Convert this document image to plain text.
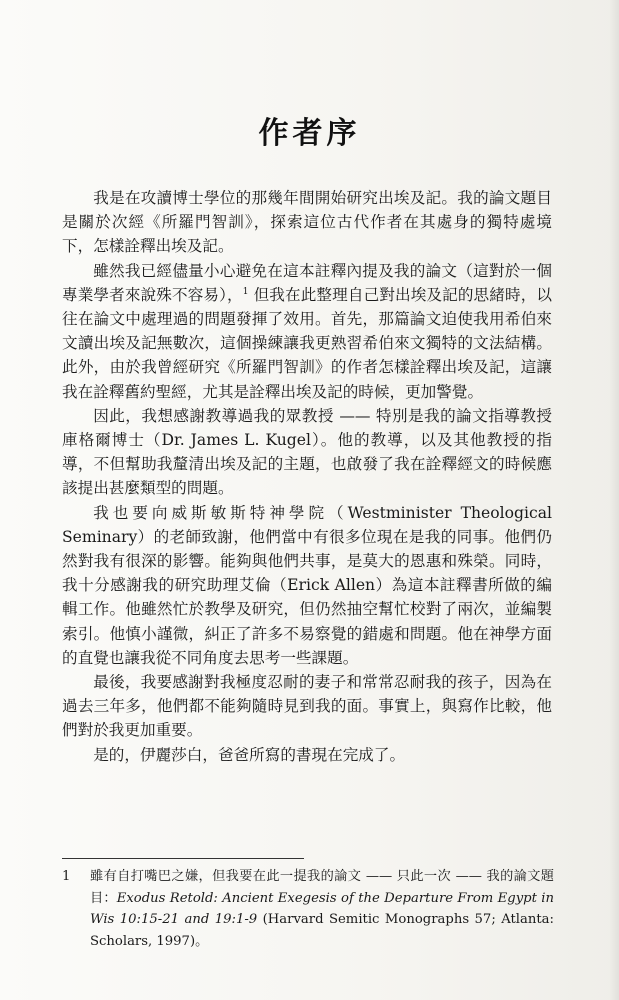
作者序

我是在攻讀博士學位的那幾年間開始研究出埃及記。我的論文題目是關於次經《所羅門智訓》，探索這位古代作者在其處身的獨特處境下，怎樣詮釋出埃及記。

雖然我已經儘量小心避免在這本註釋內提及我的論文（這對於一個專業學者來說殊不容易），$^1$ 但我在此整理自己對出埃及記的思緒時，以往在論文中處理過的問題發揮了效用。首先，那篇論文迫使我用希伯來文讀出埃及記無數次，這個操練讓我更熟習希伯來文獨特的文法結構。此外，由於我曾經研究《所羅門智訓》的作者怎樣詮釋出埃及記，這讓我在詮釋舊約聖經，尤其是詮釋出埃及記的時候，更加警覺。

因此，我想感謝教導過我的眾教授 —— 特別是我的論文指導教授庫格爾博士（Dr. James L. Kugel）。他的教導，以及其他教授的指導，不但幫助我釐清出埃及記的主題，也啟發了我在詮釋經文的時候應該提出甚麼類型的問題。

我也要向威斯敏斯特神學院（Westminister Theological Seminary）的老師致謝，他們當中有很多位現在是我的同事。他們仍然對我有很深的影響。能夠與他們共事，是莫大的恩惠和殊榮。同時，我十分感謝我的研究助理艾倫（Erick Allen）為這本註釋書所做的編輯工作。他雖然忙於教學及研究，但仍然抽空幫忙校對了兩次，並編製索引。他慎小謹微，糾正了許多不易察覺的錯處和問題。他在神學方面的直覺也讓我從不同角度去思考一些課題。

最後，我要感謝對我極度忍耐的妻子和常常忍耐我的孩子，因為在過去三年多，他們都不能夠隨時見到我的面。事實上，與寫作比較，他們對於我更加重要。

是的，伊麗莎白，爸爸所寫的書現在完成了。

1	雖有自打嘴巴之嫌，但我要在此一提我的論文 —— 只此一次 —— 我的論文題目：Exodus Retold: Ancient Exegesis of the Departure From Egypt in Wis 10:15-21 and 19:1-9 (Harvard Semitic Monographs 57; Atlanta: Scholars, 1997)。
